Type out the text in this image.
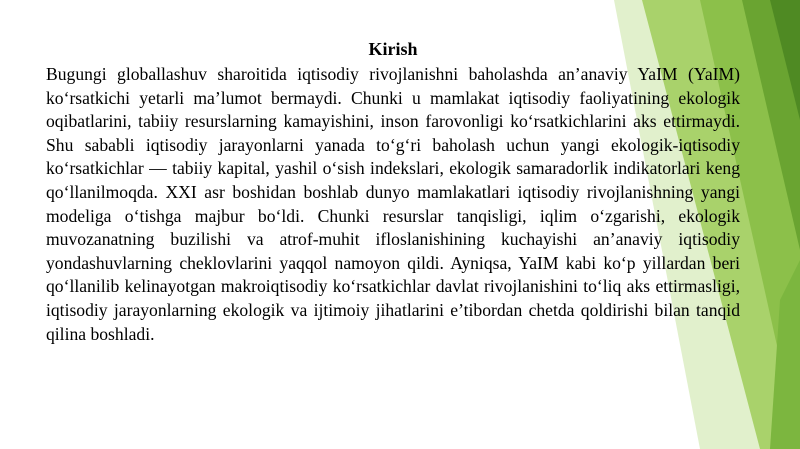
Kirish

Bugungi globallashuv sharoitida iqtisodiy rivojlanishni baholashda an’anaviy YaIM (YaIM) ko‘rsatkichi yetarli ma’lumot bermaydi. Chunki u mamlakat iqtisodiy faoliyatining ekologik oqibatlarini, tabiiy resurslarning kamayishini, inson farovonligi ko‘rsatkichlarini aks ettirmaydi. Shu sababli iqtisodiy jarayonlarni yanada to‘g‘ri baholash uchun yangi ekologik-iqtisodiy ko‘rsatkichlar — tabiiy kapital, yashil o‘sish indekslari, ekologik samaradorlik indikatorlari keng qo‘llanilmoqda. XXI asr boshidan boshlab dunyo mamlakatlari iqtisodiy rivojlanishning yangi modeliga o‘tishga majbur bo‘ldi. Chunki resurslar tanqisligi, iqlim o‘zgarishi, ekologik muvozanatning buzilishi va atrof-muhit ifloslanishining kuchayishi an’anaviy iqtisodiy yondashuvlarning cheklovlarini yaqqol namoyon qildi. Ayniqsa, YaIM kabi ko‘p yillardan beri qo‘llanilib kelinayotgan makroiqtisodiy ko‘rsatkichlar davlat rivojlanishini to‘liq aks ettirmasligi, iqtisodiy jarayonlarning ekologik va ijtimoiy jihatlarini e’tibordan chetda qoldirishi bilan tanqid qilina boshladi.
